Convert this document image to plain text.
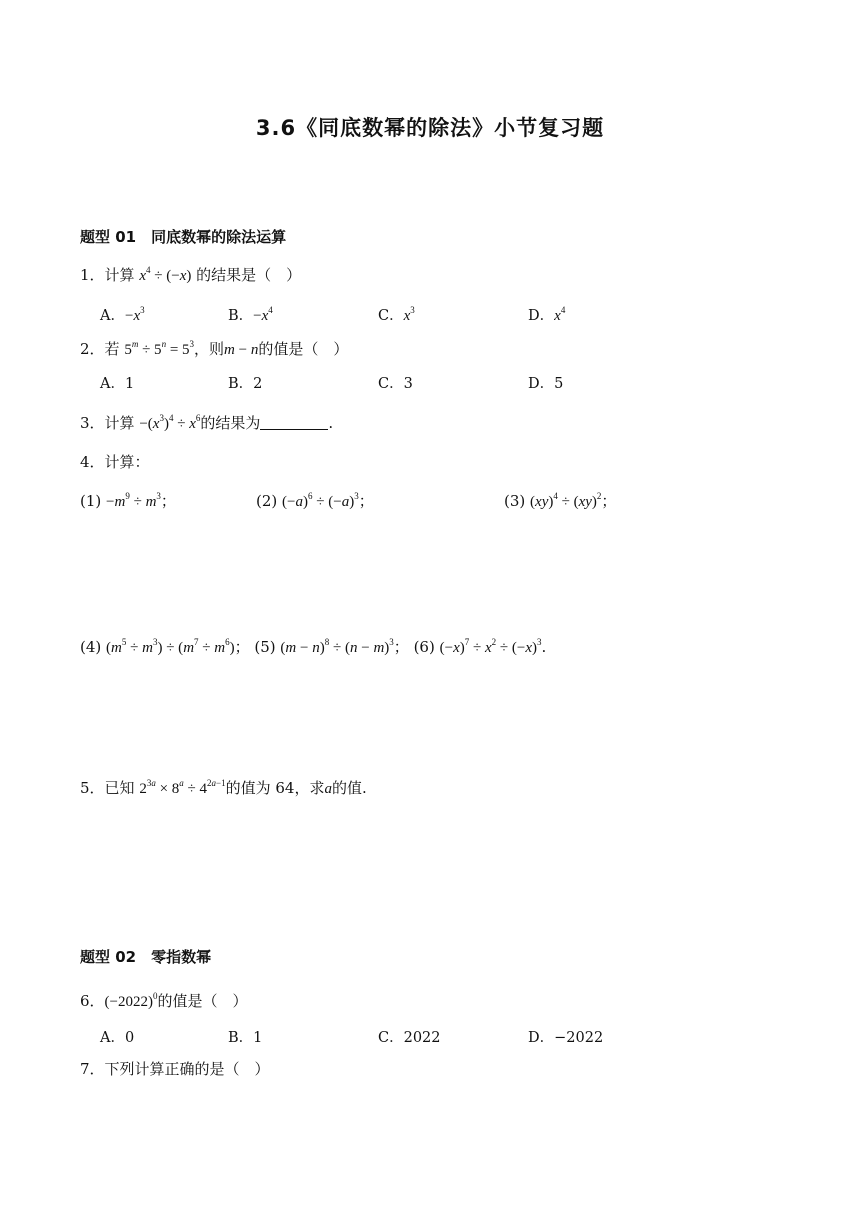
3.6《同底数幂的除法》小节复习题
题型 01　同底数幂的除法运算
1．计算 $x^4 \div (-x)$ 的结果是（　）
A．$-x^3$	B．$-x^4$	C．$x^3$	D．$x^4$
2．若 $5^m \div 5^n = 5^3$，则m − n的值是（　）
A．1	B．2	C．3	D．5
3．计算 $-(x^3)^4 \div x^6$的结果为	.
4．计算：
$(1) -m^9 \div m^3$；	(2) $(-a)^6 \div (-a)^3$；	(3) (xy)$^4$ ÷ (xy)$^2$；
(4) $(m^5 \div m^3) \div (m^7 \div m^6)$； (5) $(m - n)^8 \div (n - m)^3$； (6) $(-x)^7 \div x^2 \div (-x)^3$.
5．已知 $2^{3a} \times 8^a \div 4^{2a-1}$的值为 64，求a的值.
题型 02　零指数幂
6．$(-2022)^0$的值是（　）
A．0	B．1	C．2022	D．−2022
7．下列计算正确的是（　）
